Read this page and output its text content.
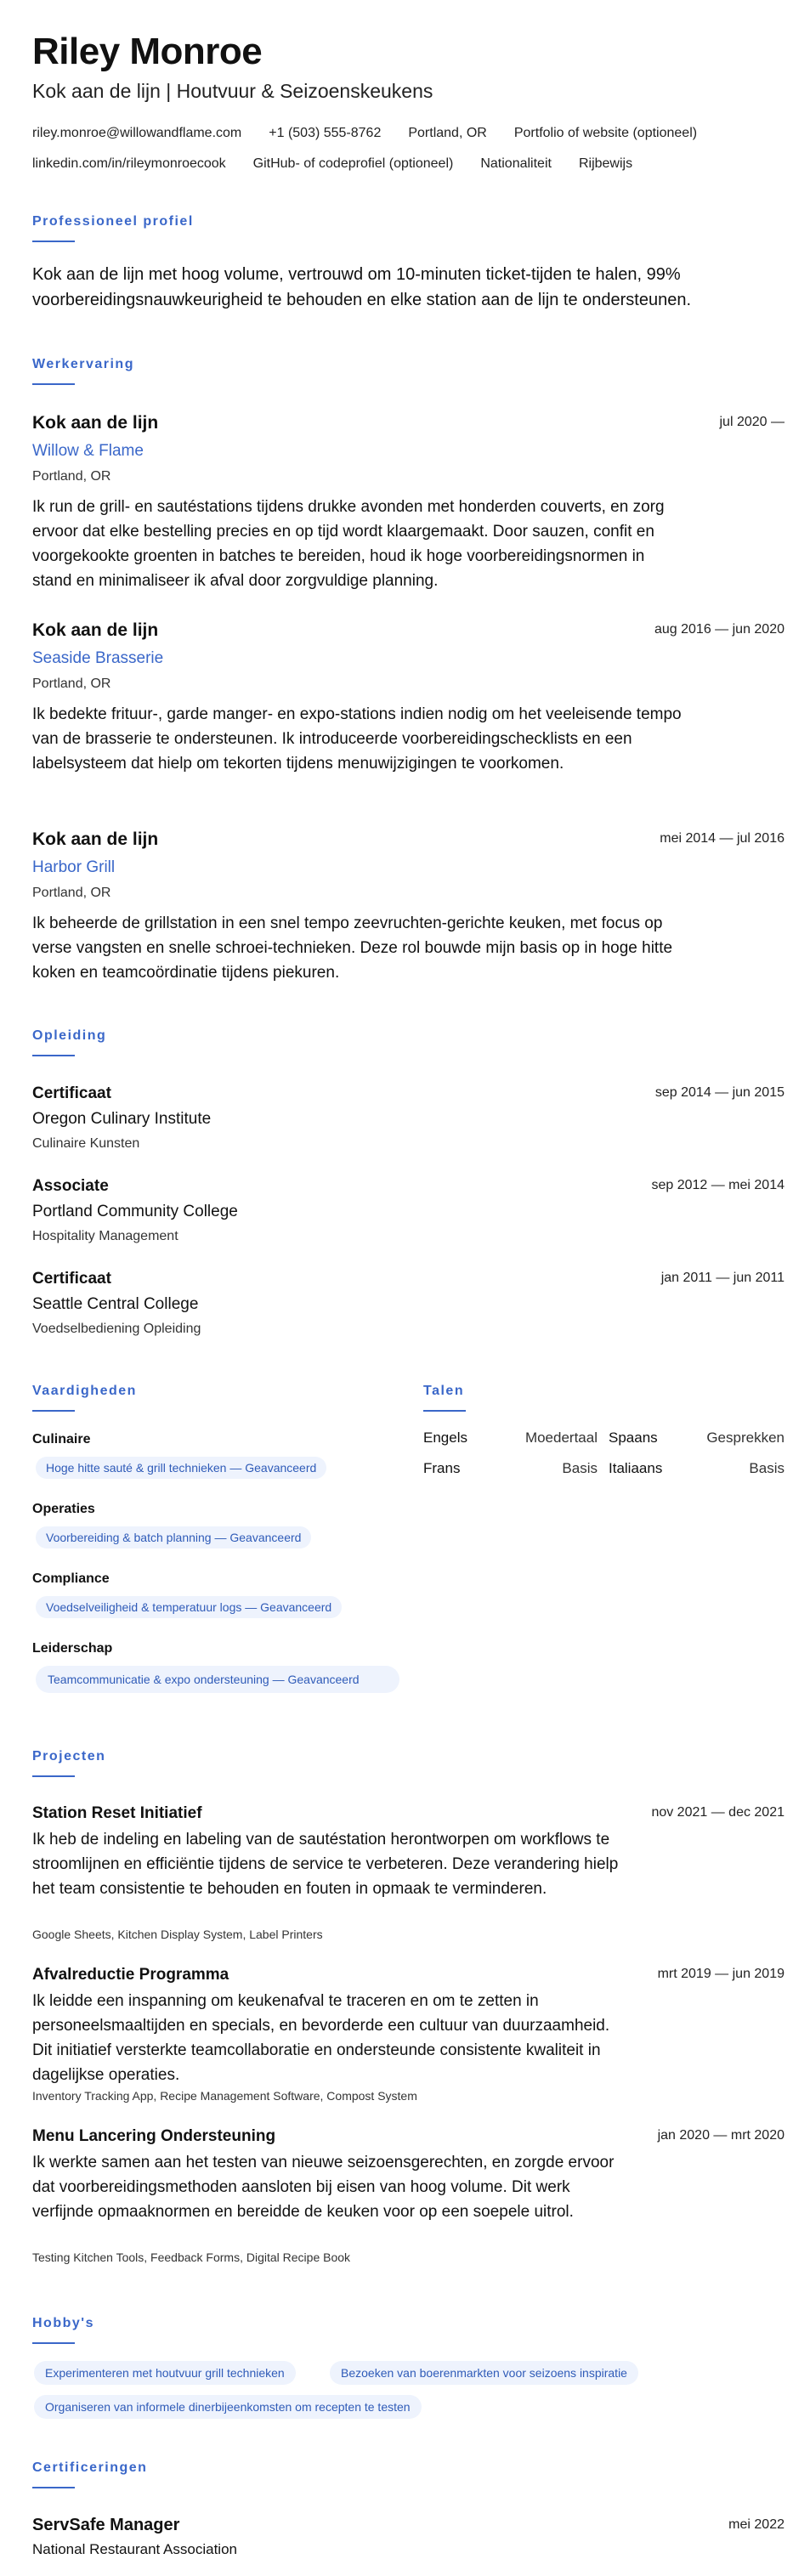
Riley Monroe
Kok aan de lijn | Houtvuur & Seizoenskeukens
riley.monroe@willowandflame.com +1 (503) 555-8762 Portland, OR Portfolio of website (optioneel)
linkedin.com/in/rileymonroecook GitHub- of codeprofiel (optioneel) Nationaliteit Rijbewijs
Professioneel profiel
Kok aan de lijn met hoog volume, vertrouwd om 10-minuten ticket-tijden te halen, 99% voorbereidingsnauwkeurigheid te behouden en elke station aan de lijn te ondersteunen.
Werkervaring
Kok aan de lijn	jul 2020 —
Willow & Flame
Portland, OR
Ik run de grill- en sautéstations tijdens drukke avonden met honderden couverts, en zorg ervoor dat elke bestelling precies en op tijd wordt klaargemaakt. Door sauzen, confit en voorgekookte groenten in batches te bereiden, houd ik hoge voorbereidingsnormen in stand en minimaliseer ik afval door zorgvuldige planning.
Kok aan de lijn	aug 2016 — jun 2020
Seaside Brasserie
Portland, OR
Ik bedekte frituur-, garde manger- en expo-stations indien nodig om het veeleisende tempo van de brasserie te ondersteunen. Ik introduceerde voorbereidingschecklists en een labelsysteem dat hielp om tekorten tijdens menuwijzigingen te voorkomen.
Kok aan de lijn	mei 2014 — jul 2016
Harbor Grill
Portland, OR
Ik beheerde de grillstation in een snel tempo zeevruchten-gerichte keuken, met focus op verse vangsten en snelle schroei-technieken. Deze rol bouwde mijn basis op in hoge hitte koken en teamcoördinatie tijdens piekuren.
Opleiding
Certificaat	sep 2014 — jun 2015
Oregon Culinary Institute
Culinaire Kunsten
Associate	sep 2012 — mei 2014
Portland Community College
Hospitality Management
Certificaat	jan 2011 — jun 2011
Seattle Central College
Voedselbediening Opleiding
Vaardigheden
Culinaire
Hoge hitte sauté & grill technieken — Geavanceerd
Operaties
Voorbereiding & batch planning — Geavanceerd
Compliance
Voedselveiligheid & temperatuur logs — Geavanceerd
Leiderschap
Teamcommunicatie & expo ondersteuning — Geavanceerd
Talen
Engels	Moedertaal Spaans	Gesprekken
Frans	Basis Italiaans	Basis
Projecten
Station Reset Initiatief	nov 2021 — dec 2021
Ik heb de indeling en labeling van de sautéstation herontworpen om workflows te stroomlijnen en efficiëntie tijdens de service te verbeteren. Deze verandering hielp het team consistentie te behouden en fouten in opmaak te verminderen.
Google Sheets, Kitchen Display System, Label Printers
Afvalreductie Programma	mrt 2019 — jun 2019
Ik leidde een inspanning om keukenafval te traceren en om te zetten in personeelsmaaltijden en specials, en bevorderde een cultuur van duurzaamheid. Dit initiatief versterkte teamcollaboratie en ondersteunde consistente kwaliteit in dagelijkse operaties.
Inventory Tracking App, Recipe Management Software, Compost System
Menu Lancering Ondersteuning	jan 2020 — mrt 2020
Ik werkte samen aan het testen van nieuwe seizoensgerechten, en zorgde ervoor dat voorbereidingsmethoden aansloten bij eisen van hoog volume. Dit werk verfijnde opmaaknormen en bereidde de keuken voor op een soepele uitrol.
Testing Kitchen Tools, Feedback Forms, Digital Recipe Book
Hobby's
Experimenteren met houtvuur grill technieken	Bezoeken van boerenmarkten voor seizoens inspiratie
Organiseren van informele dinerbijeenkomsten om recepten te testen
Certificeringen
ServSafe Manager	mei 2022
National Restaurant Association
